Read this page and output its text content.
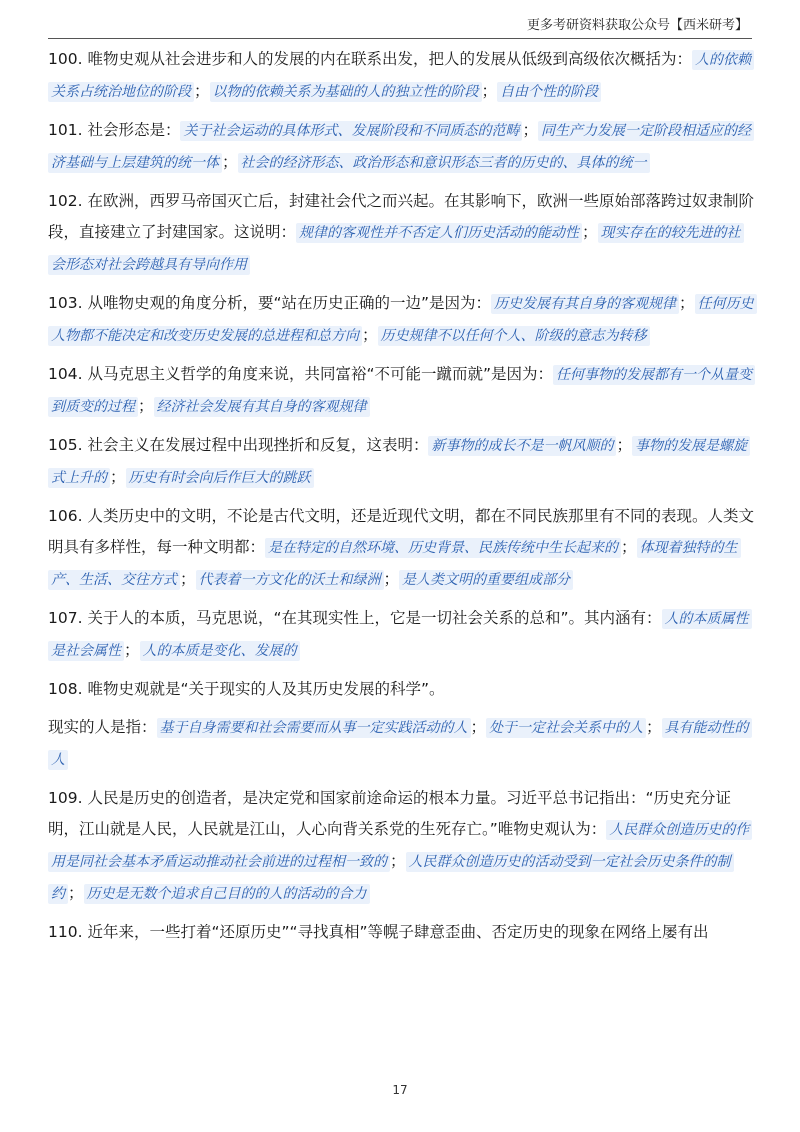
更多考研资料获取公众号【西米研考】
100. 唯物史观从社会进步和人的发展的内在联系出发，把人的发展从低级到高级依次概括为： 人的依赖关系占统治地位的阶段 ； 以物的依赖关系为基础的人的独立性的阶段 ； 自由个性的阶段
101. 社会形态是： 关于社会运动的具体形式、发展阶段和不同质态的范畴 ； 同生产力发展一定阶段相适应的经济基础与上层建筑的统一体 ； 社会的经济形态、政治形态和意识形态三者的历史的、具体的统一
102. 在欧洲，西罗马帝国灭亡后，封建社会代之而兴起。在其影响下，欧洲一些原始部落跨过奴隶制阶段，直接建立了封建国家。这说明： 规律的客观性并不否定人们历史活动的能动性 ； 现实存在的较先进的社会形态对社会跨越具有导向作用
103. 从唯物史观的角度分析，要“站在历史正确的一边”是因为： 历史发展有其自身的客观规律 ； 任何历史人物都不能决定和改变历史发展的总进程和总方向 ； 历史规律不以任何个人、阶级的意志为转移
104. 从马克思主义哲学的角度来说，共同富裕“不可能一蹴而就”是因为： 任何事物的发展都有一个从量变到质变的过程 ； 经济社会发展有其自身的客观规律
105. 社会主义在发展过程中出现挫折和反复，这表明： 新事物的成长不是一帆风顺的 ； 事物的发展是螺旋式上升的 ； 历史有时会向后作巨大的跳跃
106. 人类历史中的文明，不论是古代文明，还是近现代文明，都在不同民族那里有不同的表现。人类文明具有多样性，每一种文明都： 是在特定的自然环境、历史背景、民族传统中生长起来的 ； 体现着独特的生产、生活、交往方式 ； 代表着一方文化的沃土和绿洲 ； 是人类文明的重要组成部分
107. 关于人的本质，马克思说，“在其现实性上，它是一切社会关系的总和”。其内涵有： 人的本质属性是社会属性 ； 人的本质是变化、发展的
108. 唯物史观就是“关于现实的人及其历史发展的科学”。
现实的人是指： 基于自身需要和社会需要而从事一定实践活动的人 ； 处于一定社会关系中的人 ； 具有能动性的人
109. 人民是历史的创造者，是决定党和国家前途命运的根本力量。习近平总书记指出：“历史充分证明，江山就是人民，人民就是江山，人心向背关系党的生死存亡。”唯物史观认为： 人民群众创造历史的作用是同社会基本矛盾运动推动社会前进的过程相一致的 ； 人民群众创造历史的活动受到一定社会历史条件的制约 ； 历史是无数个追求自己目的的人的活动的合力
110. 近年来，一些打着“还原历史”“寻找真相”等幌子肆意歪曲、否定历史的现象在网络上屡有出
17
